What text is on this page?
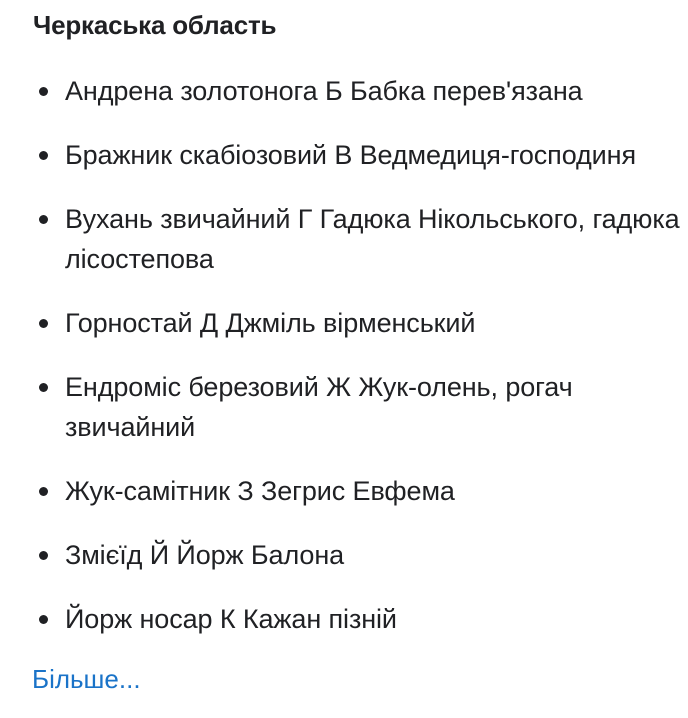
Черкаська область
Андрена золотонога Б Бабка перев'язана
Бражник скабіозовий В Ведмедиця-господиня
Вухань звичайний Г Гадюка Нікольського, гадюка лісостепова
Горностай Д Джміль вірменський
Ендроміс березовий Ж Жук-олень, рогач звичайний
Жук-самітник З Зегрис Евфема
Змієїд Й Йорж Балона
Йорж носар К Кажан пізній
Більше...
